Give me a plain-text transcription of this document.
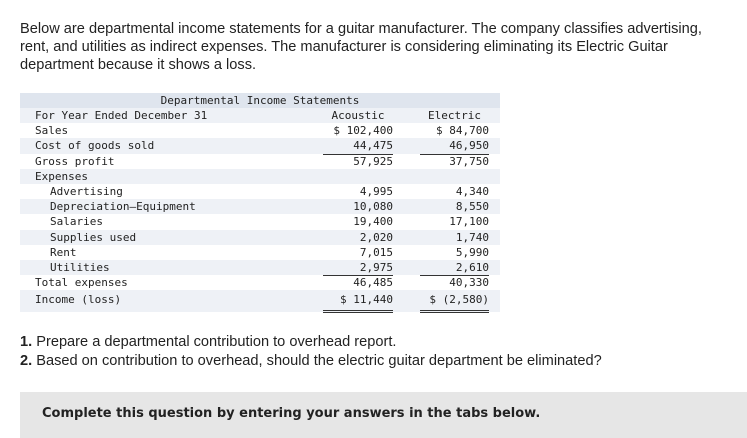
Below are departmental income statements for a guitar manufacturer. The company classifies advertising, rent, and utilities as indirect expenses. The manufacturer is considering eliminating its Electric Guitar department because it shows a loss.

Departmental Income Statements
For Year Ended December 31	Acoustic	Electric
Sales	$ 102,400	$ 84,700
Cost of goods sold	44,475	46,950
Gross profit	57,925	37,750
Expenses
Advertising	4,995	4,340
Depreciation—Equipment	10,080	8,550
Salaries	19,400	17,100
Supplies used	2,020	1,740
Rent	7,015	5,990
Utilities	2,975	2,610
Total expenses	46,485	40,330
Income (loss)	$ 11,440	$ (2,580)
1. Prepare a departmental contribution to overhead report.
2. Based on contribution to overhead, should the electric guitar department be eliminated?
Complete this question by entering your answers in the tabs below.
